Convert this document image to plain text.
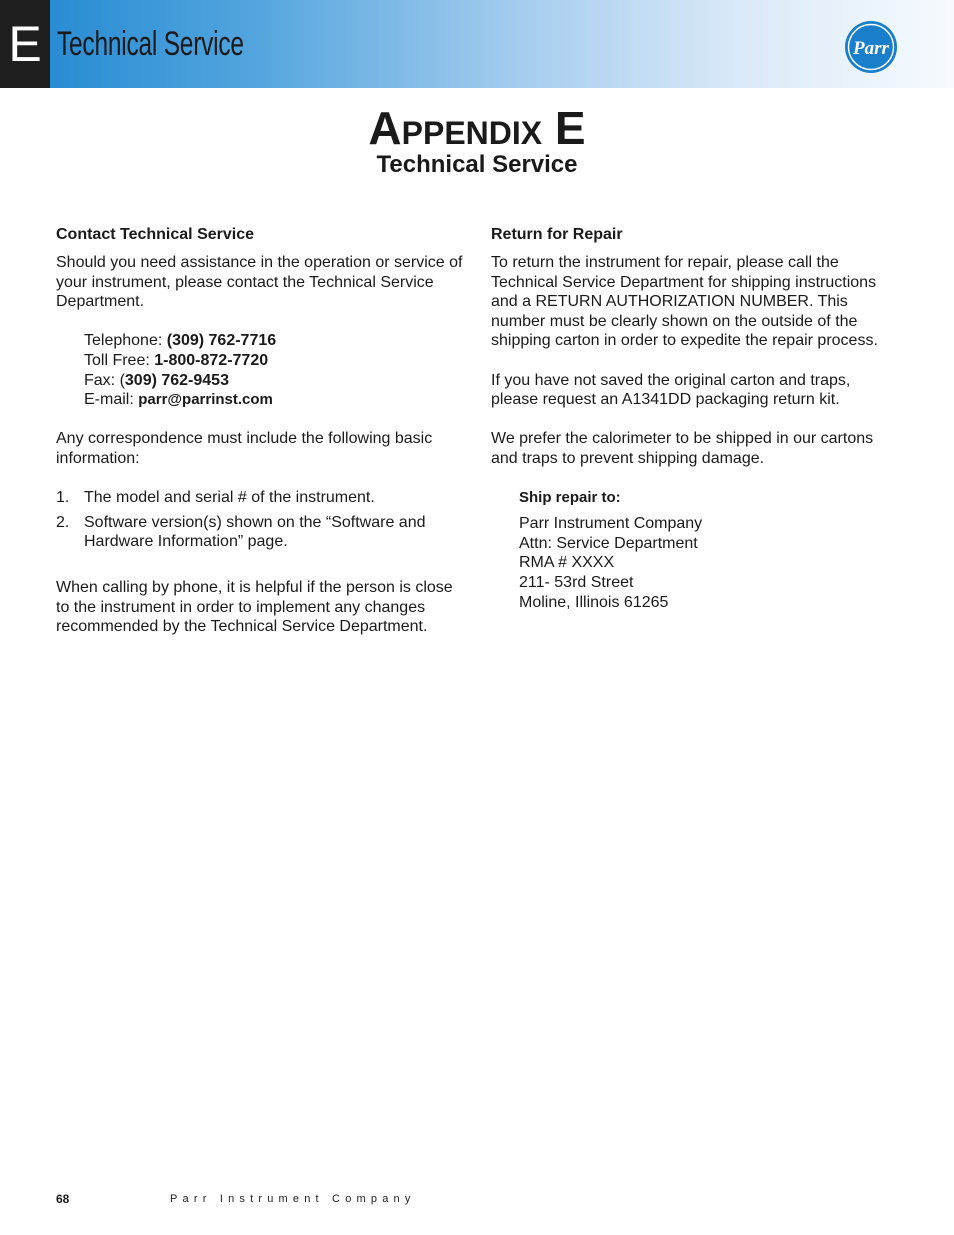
E Technical Service	Parr
Appendix E
Technical Service
Contact Technical Service

Should you need assistance in the operation or service of your instrument, please contact the Technical Service Department.

Telephone: (309) 762-7716
Toll Free: 1-800-872-7720
Fax: (309) 762-9453
E-mail: parr@parrinst.com

Any correspondence must include the following basic information:

1. The model and serial # of the instrument.
2. Software version(s) shown on the “Software and Hardware Information” page.

When calling by phone, it is helpful if the person is close to the instrument in order to implement any changes recommended by the Technical Service Department.

Return for Repair

To return the instrument for repair, please call the Technical Service Department for shipping instructions and a RETURN AUTHORIZATION NUMBER. This number must be clearly shown on the outside of the shipping carton in order to expedite the repair process.

If you have not saved the original carton and traps, please request an A1341DD packaging return kit.

We prefer the calorimeter to be shipped in our cartons and traps to prevent shipping damage.

Ship repair to:
Parr Instrument Company
Attn: Service Department
RMA # XXXX
211- 53rd Street
Moline, Illinois 61265
68	Parr Instrument Company
